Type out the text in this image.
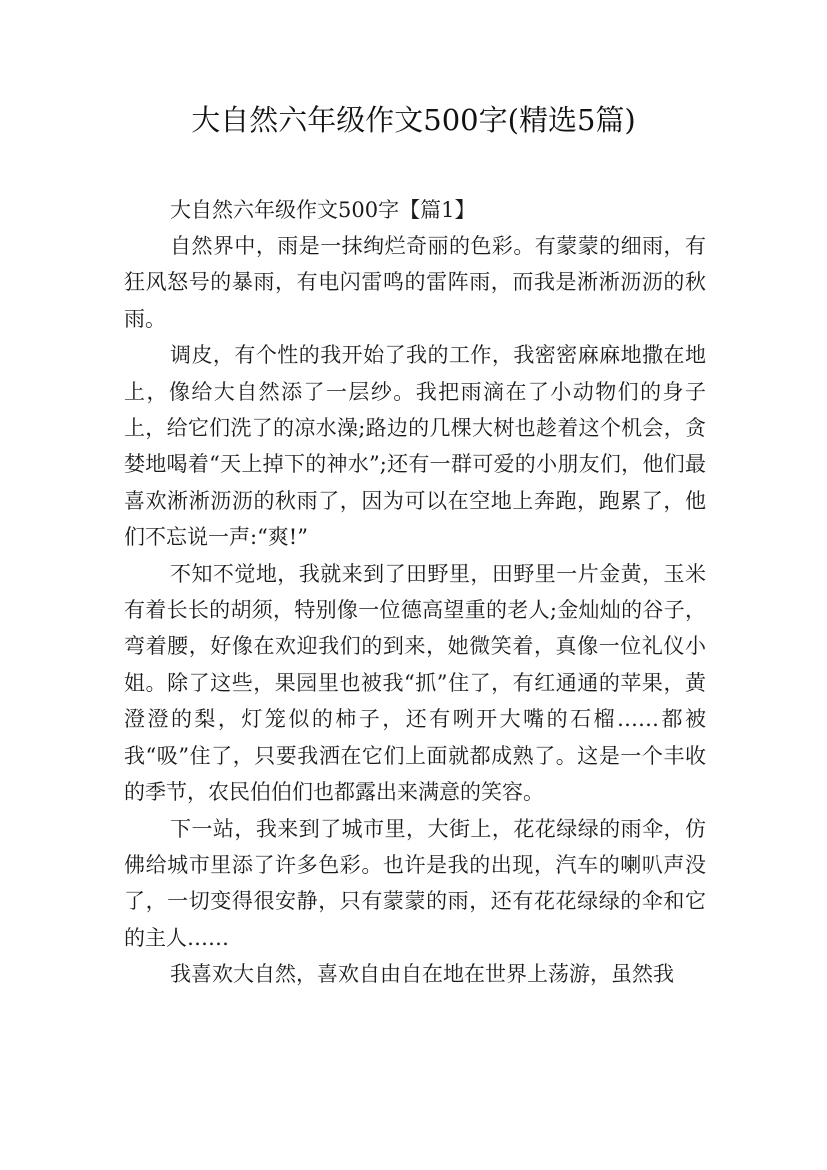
大自然六年级作文500字(精选5篇)

大自然六年级作文500字【篇1】

自然界中，雨是一抹绚烂奇丽的色彩。有蒙蒙的细雨，有狂风怒号的暴雨，有电闪雷鸣的雷阵雨，而我是淅淅沥沥的秋雨。

调皮，有个性的我开始了我的工作，我密密麻麻地撒在地上，像给大自然添了一层纱。我把雨滴在了小动物们的身子上，给它们洗了的凉水澡;路边的几棵大树也趁着这个机会，贪婪地喝着“天上掉下的神水”;还有一群可爱的小朋友们，他们最喜欢淅淅沥沥的秋雨了，因为可以在空地上奔跑，跑累了，他们不忘说一声:“爽!”

不知不觉地，我就来到了田野里，田野里一片金黄，玉米有着长长的胡须，特别像一位德高望重的老人;金灿灿的谷子，弯着腰，好像在欢迎我们的到来，她微笑着，真像一位礼仪小姐。除了这些，果园里也被我“抓”住了，有红通通的苹果，黄澄澄的梨，灯笼似的柿子，还有咧开大嘴的石榴……都被我“吸”住了，只要我洒在它们上面就都成熟了。这是一个丰收的季节，农民伯伯们也都露出来满意的笑容。

下一站，我来到了城市里，大街上，花花绿绿的雨伞，仿佛给城市里添了许多色彩。也许是我的出现，汽车的喇叭声没了，一切变得很安静，只有蒙蒙的雨，还有花花绿绿的伞和它的主人……

我喜欢大自然，喜欢自由自在地在世界上荡游，虽然我
